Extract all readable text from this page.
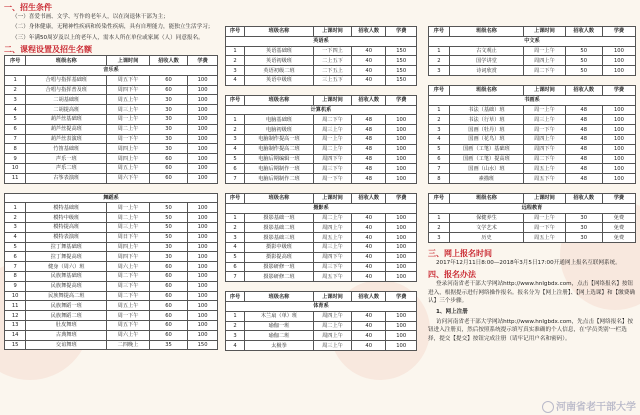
一、招生条件

（一）喜爱书画、文学、写作的老年人，以在岗退休干部为主；

（二）身体健康，无精神性疾病和传染性疾病，具有自理能力，能独立生活学习；

（三）年满50周岁及以上的老年人，需本人所在单位或家属（人）同意报名。

二、课程设置及招生名额

序号	班级名称	上课时间	招收人数	学费
音乐系				
1	合唱与指挥基础班	周五下午	60	100
2	合唱与指挥普及班	周四下午	60	100
3	二胡基础班	周五上午	30	100
4	二胡提高班	周三上午	30	100
5	葫芦丝基础班	周一上午	30	100
6	葫芦丝提高班	周二上午	30	100
7	葫芦丝表演班	周一下午	30	100
8	竹笛基础班	周四上午	30	100
9	声乐一班	周四上午	60	100
10	声乐二班	周五上午	60	100
11	古筝表演班	周六下午	60	100
舞蹈系				
1	模特基础班	周一上午	50	100
2	模特中级班	周二上午	50	100
3	模特提高班	周三上午	50	100
4	模特表演班	周日下午	50	100
5	拉丁舞基础班	周四上午	30	100
6	拉丁舞提高班	周四下午	30	100
7	健身（周六）班	周六上午	60	100
8	民族舞基础班	周二下午	60	100
9	民族舞提高班	周三下午	60	100
10	民族舞提高二班	周二下午	60	100
11	民族舞蹈一班	周五上午	60	100
12	民族舞蹈二班	周一下午	60	100
13	肚皮舞班	周五下午	60	100
14	古典舞班	周六上午	60	100
15	交谊舞班	二四晚上	35	150
序号	班级名称	上课时间	招收人数	学费
英语系				
1	英语基础班	一下四上	40	150
2	英语初级班	二上五下	40	150
3	英语初级二班	二下五上	40	150
4	英语中级班	三上五下	40	150
序号	班级名称	上课时间	招收人数	学费
计算机系				
1	电脑基础班	周二下午	48	100
2	电脑初级班	周三上午	48	100
3	电脑制作提高一班	周一上午	48	100
4	电脑制作提高二班	周二上午	48	100
5	电脑后期编辑一班	周四下午	48	100
6	电脑后期制作一班	周三下午	48	100
7	电脑后期制作二班	周一下午	48	100
序号	班级名称	上课时间	招收人数	学费
摄影系				
1	摄影基础一班	周二上午	40	100
2	摄影基础二班	周四上午	40	100
3	摄影基础三班	周五上午	40	100
4	摄影中级班	周三上午	40	100
5	摄影提高班	周四下午	40	100
6	摄影研修一班	周三下午	40	100
7	摄影研修二班	周五下午	40	100
序号	班级名称	上课时间	招收人数	学费
体育系				
1	木兰扇（单）班	周四上午	40	100
2	瑜伽一班	周二上午	40	100
3	瑜伽二班	周四上午	40	100
4	太极拳	周三上午	40	100
序号	班级名称	上课时间	招收人数	学费
中文系				
1	古文观止	周一上午	50	100
2	国学讲堂	周四上午	50	100
3	诗词欣赏	周二下午	50	100
序号	班级名称	上课时间	招收人数	学费
书画系				
1	书法（基础）班	周一上午	48	100
2	书法（行草）班	周三上午	48	100
3	国画（牡丹）班	周一下午	48	100
4	国画（花鸟）班	周四上午	48	100
5	国画（工笔）基础班	周四下午	48	100
6	国画（工笔）提高班	周二下午	48	100
7	国画（山水）班	周五上午	48	100
8	素描班	周五下午	48	100
序号	班级名称	上课时间	招收人数	学费
远程教育				
1	保健养生	周一上午	30	免费
2	文学艺术	周一下午	30	免费
3	历史	周五上午	30	免费

三、网上报名时间

2017年12月11日8:00—2018年3月5日17:00开通网上报名互联网系统。

四、报名办法

登录河南省老干部大学网站http://www.hnlgbdx.com，点击【网络报名】按钮进入，根据提示进行网络操作报名。报名分为【网上注册】、【网上选课】和【缴费确认】三个步骤。

1、网上注册

访问河南省老干部大学网站http://www.hnlgbdx.com，先点击【网络报名】按钮进入注册页，然后按照系统提示填写真实准确的个人信息，在'学员类别'一栏选择，提交【提交】按钮完成注册（请牢记用户名和密码）。

河南省老干部大学
